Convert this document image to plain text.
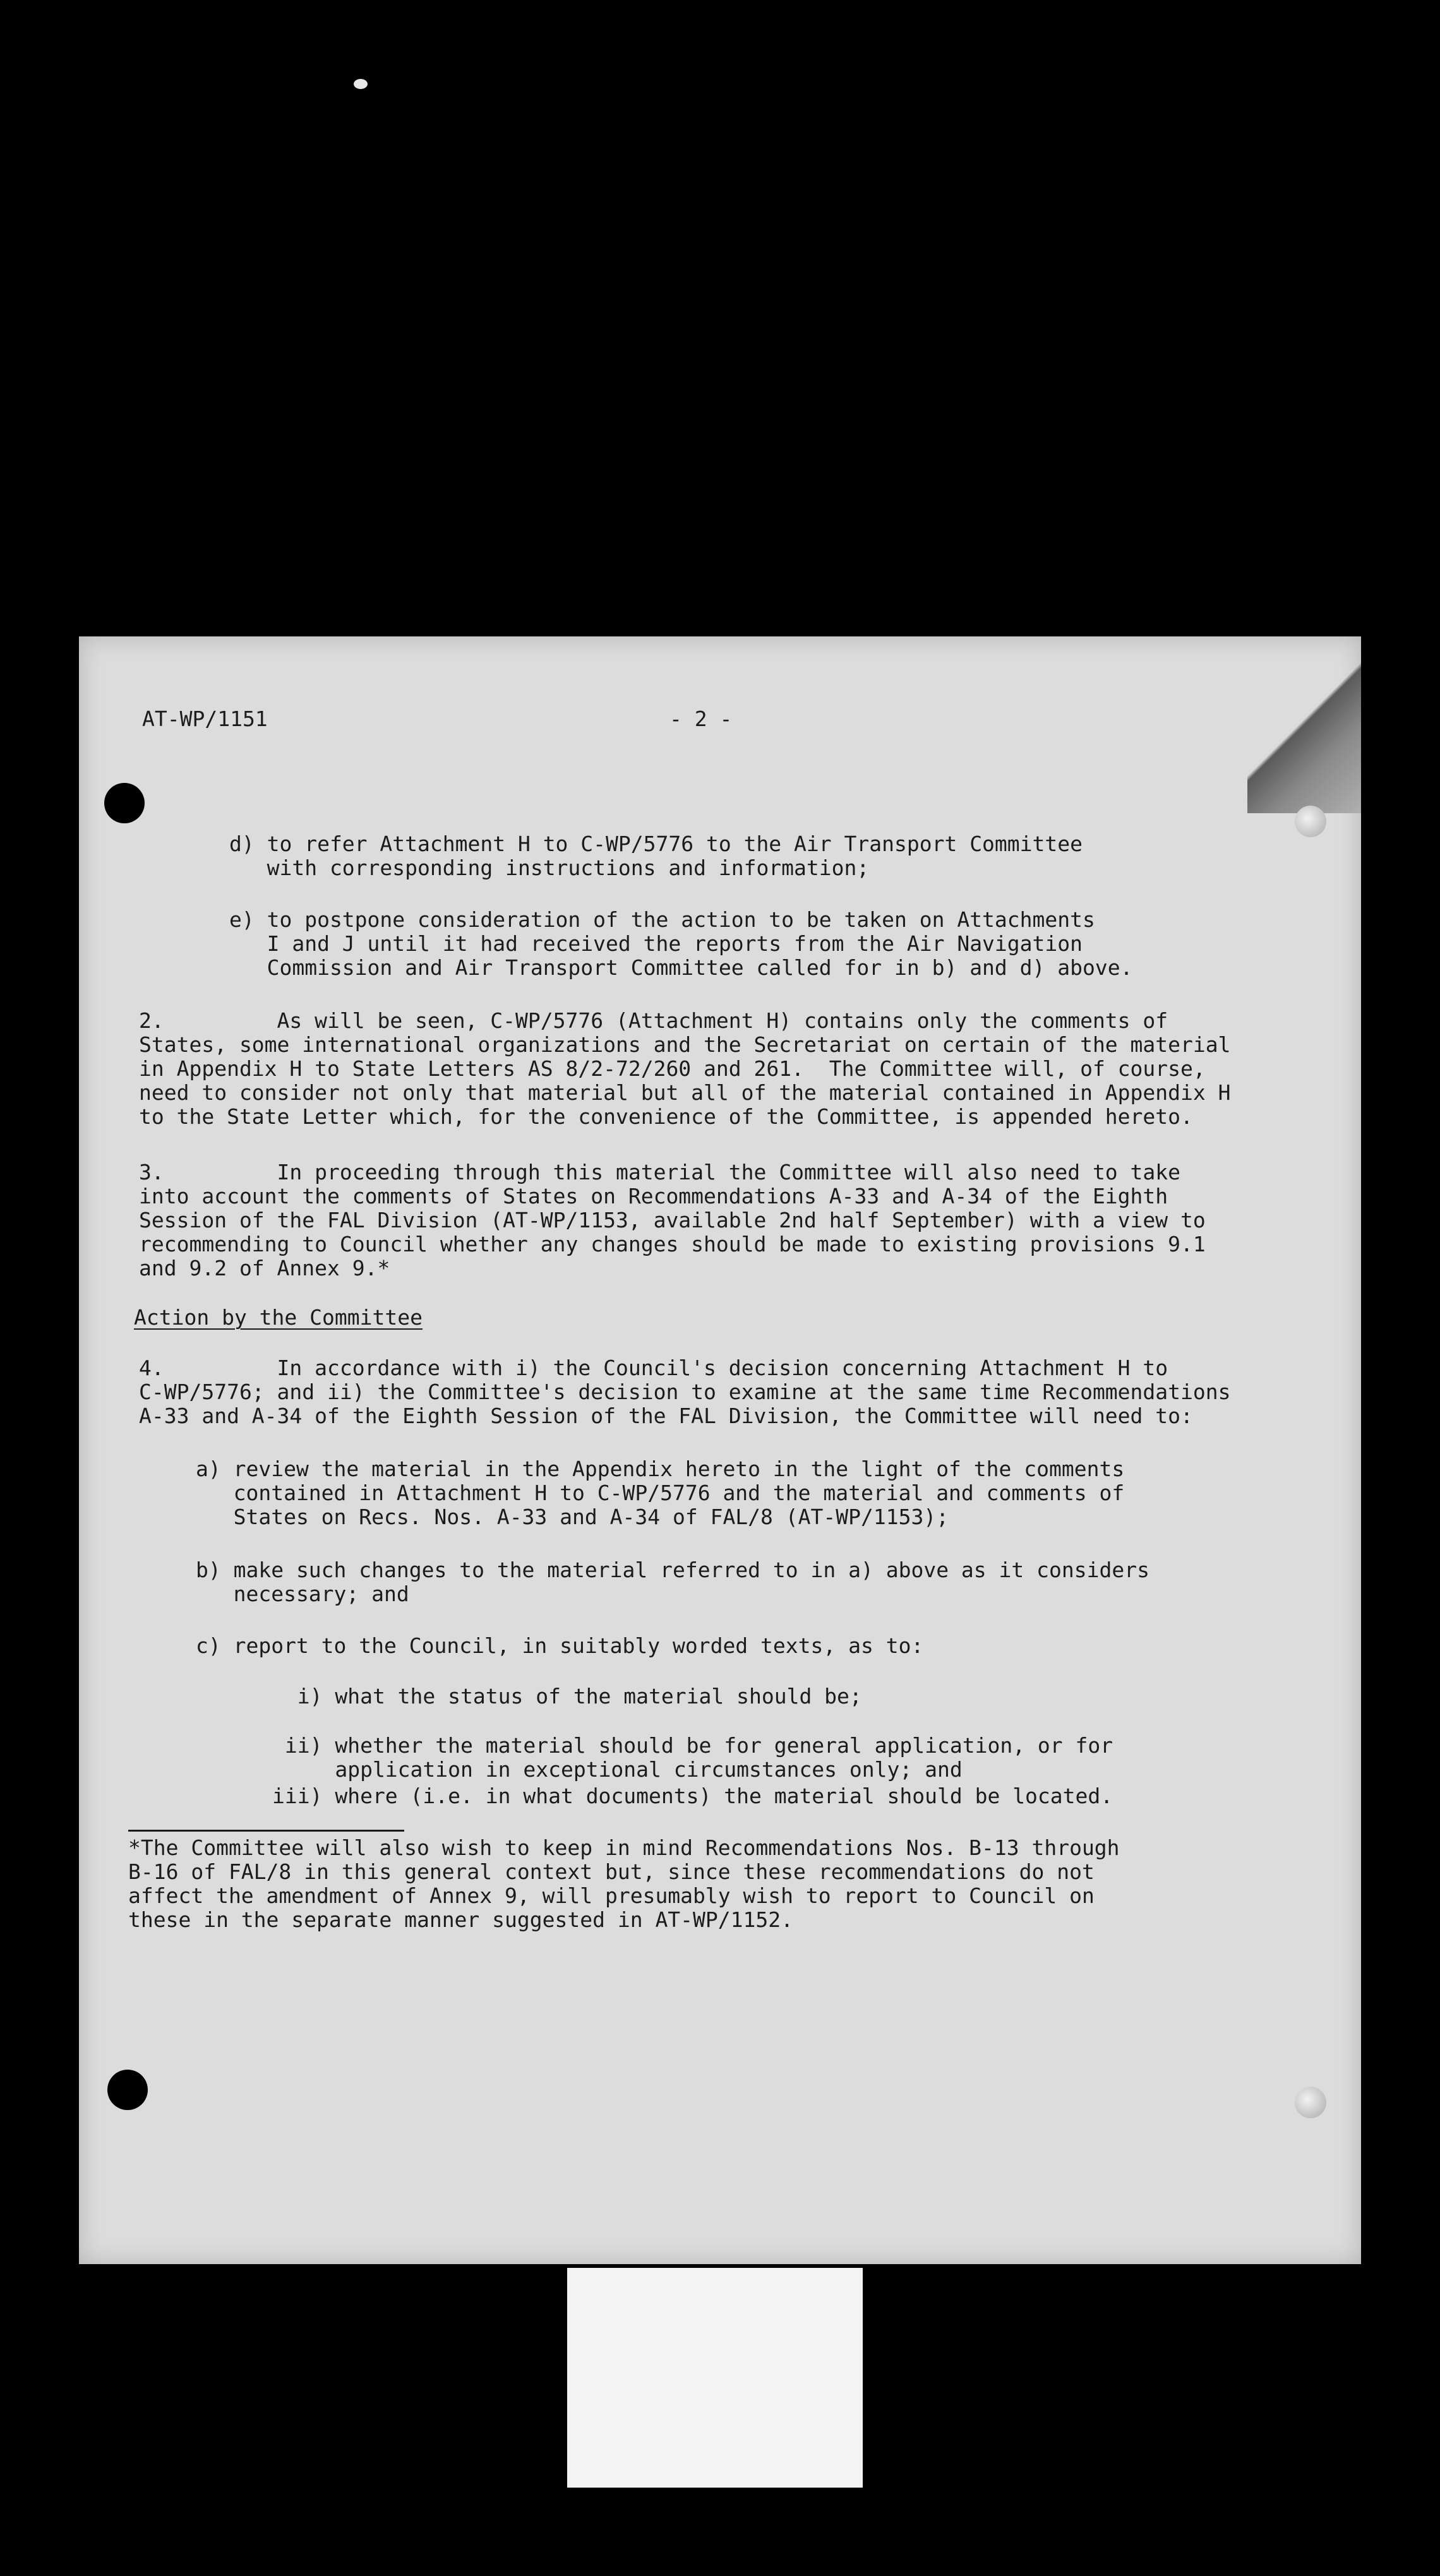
AT-WP/1151	- 2 -

d) to refer Attachment H to C-WP/5776 to the Air Transport Committee

with corresponding instructions and information;

e) to postpone consideration of the action to be taken on Attachments

I and J until it had received the reports from the Air Navigation

Commission and Air Transport Committee called for in b) and d) above.

2.         As will be seen, C-WP/5776 (Attachment H) contains only the comments of

States, some international organizations and the Secretariat on certain of the material

in Appendix H to State Letters AS 8/2-72/260 and 261.  The Committee will, of course,

need to consider not only that material but all of the material contained in Appendix H

to the State Letter which, for the convenience of the Committee, is appended hereto.

3.         In proceeding through this material the Committee will also need to take

into account the comments of States on Recommendations A-33 and A-34 of the Eighth

Session of the FAL Division (AT-WP/1153, available 2nd half September) with a view to

recommending to Council whether any changes should be made to existing provisions 9.1

and 9.2 of Annex 9.*

Action by the Committee

4.         In accordance with i) the Council's decision concerning Attachment H to

C-WP/5776; and ii) the Committee's decision to examine at the same time Recommendations

A-33 and A-34 of the Eighth Session of the FAL Division, the Committee will need to:

a) review the material in the Appendix hereto in the light of the comments

contained in Attachment H to C-WP/5776 and the material and comments of

States on Recs. Nos. A-33 and A-34 of FAL/8 (AT-WP/1153);

b) make such changes to the material referred to in a) above as it considers

necessary; and

c) report to the Council, in suitably worded texts, as to:

i) what the status of the material should be;

ii) whether the material should be for general application, or for

application in exceptional circumstances only; and

iii) where (i.e. in what documents) the material should be located.

*The Committee will also wish to keep in mind Recommendations Nos. B-13 through

B-16 of FAL/8 in this general context but, since these recommendations do not

affect the amendment of Annex 9, will presumably wish to report to Council on

these in the separate manner suggested in AT-WP/1152.
